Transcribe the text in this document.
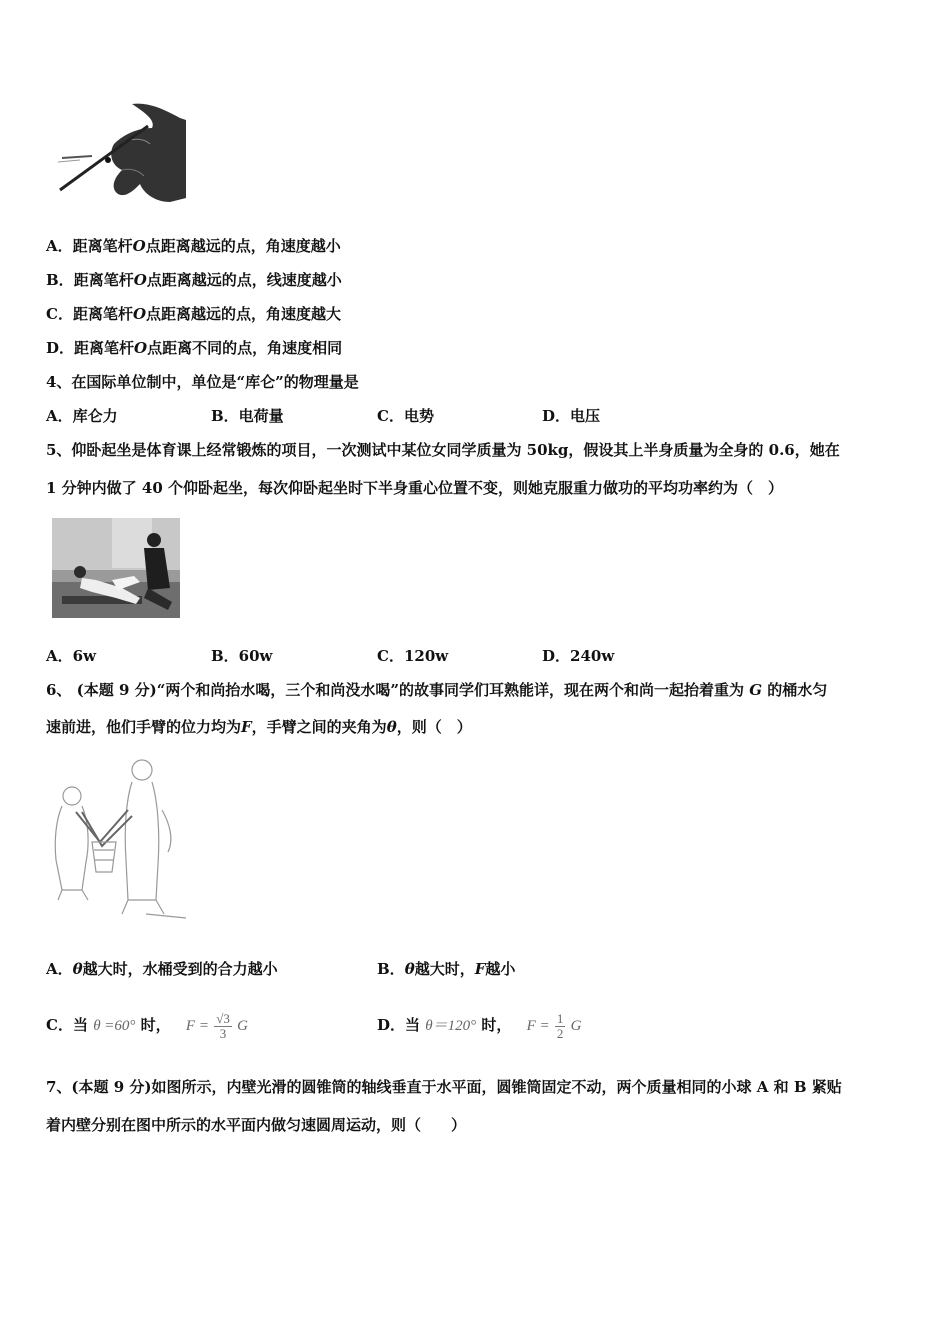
A．距离笔杆O点距离越远的点，角速度越小
B．距离笔杆O点距离越远的点，线速度越小
C．距离笔杆O点距离越远的点，角速度越大
D．距离笔杆O点距离不同的点，角速度相同
4、在国际单位制中，单位是“库仑”的物理量是
A．库仑力	B．电荷量	C．电势	D．电压
5、仰卧起坐是体育课上经常锻炼的项目，一次测试中某位女同学质量为 50kg，假设其上半身质量为全身的 0.6，她在
1 分钟内做了 40 个仰卧起坐，每次仰卧起坐时下半身重心位置不变，则她克服重力做功的平均功率约为（　）
A．6w	B．60w	C．120w	D．240w
6、 (本题 9 分)“两个和尚抬水喝，三个和尚没水喝”的故事同学们耳熟能详，现在两个和尚一起抬着重为 G 的桶水匀
速前进，他们手臂的位力均为F，手臂之间的夹角为θ，则（　）
A．θ越大时，水桶受到的合力越小	B．θ越大时，F越小
C．当 θ =60° 时， $F = \frac{√3}{3}$ G	D．当 θ＝120° 时， $F = \frac{1}{2}$ G
7、(本题 9 分)如图所示，内壁光滑的圆锥筒的轴线垂直于水平面，圆锥筒固定不动，两个质量相同的小球 A 和 B 紧贴
着内壁分别在图中所示的水平面内做匀速圆周运动，则（　　）
